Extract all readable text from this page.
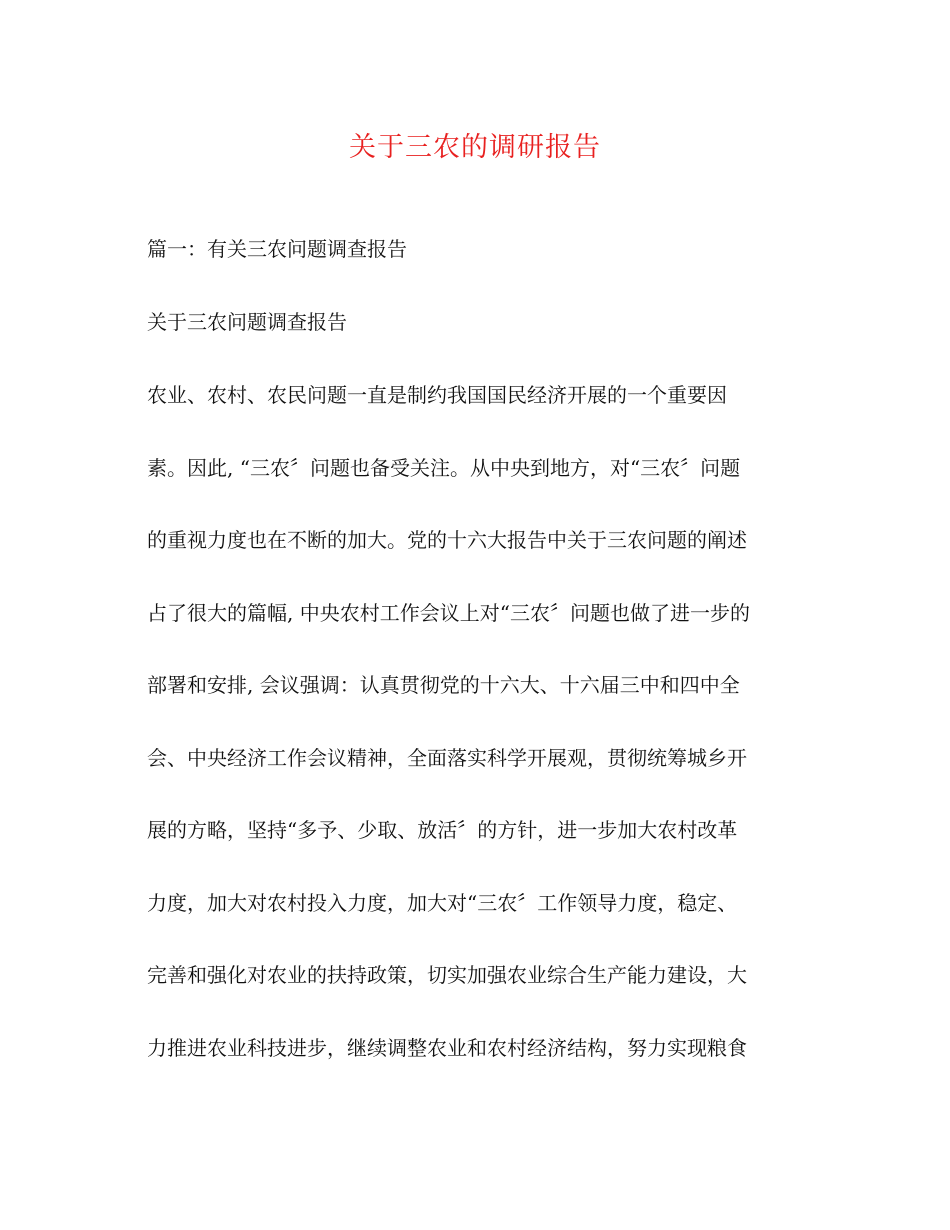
关于三农的调研报告
篇一：有关三农问题调查报告
关于三农问题调查报告
农业、农村、农民问题一直是制约我国国民经济开展的一个重要因
素。因此, “三农〞问题也备受关注。从中央到地方，对“三农〞问题
的重视力度也在不断的加大。党的十六大报告中关于三农问题的阐述
占了很大的篇幅, 中央农村工作会议上对“三农〞问题也做了进一步的
部署和安排, 会议强调：认真贯彻党的十六大、十六届三中和四中全
会、中央经济工作会议精神，全面落实科学开展观，贯彻统筹城乡开
展的方略，坚持“多予、少取、放活〞的方针，进一步加大农村改革
力度，加大对农村投入力度，加大对“三农〞工作领导力度，稳定、
完善和强化对农业的扶持政策，切实加强农业综合生产能力建设，大
力推进农业科技进步，继续调整农业和农村经济结构，努力实现粮食
